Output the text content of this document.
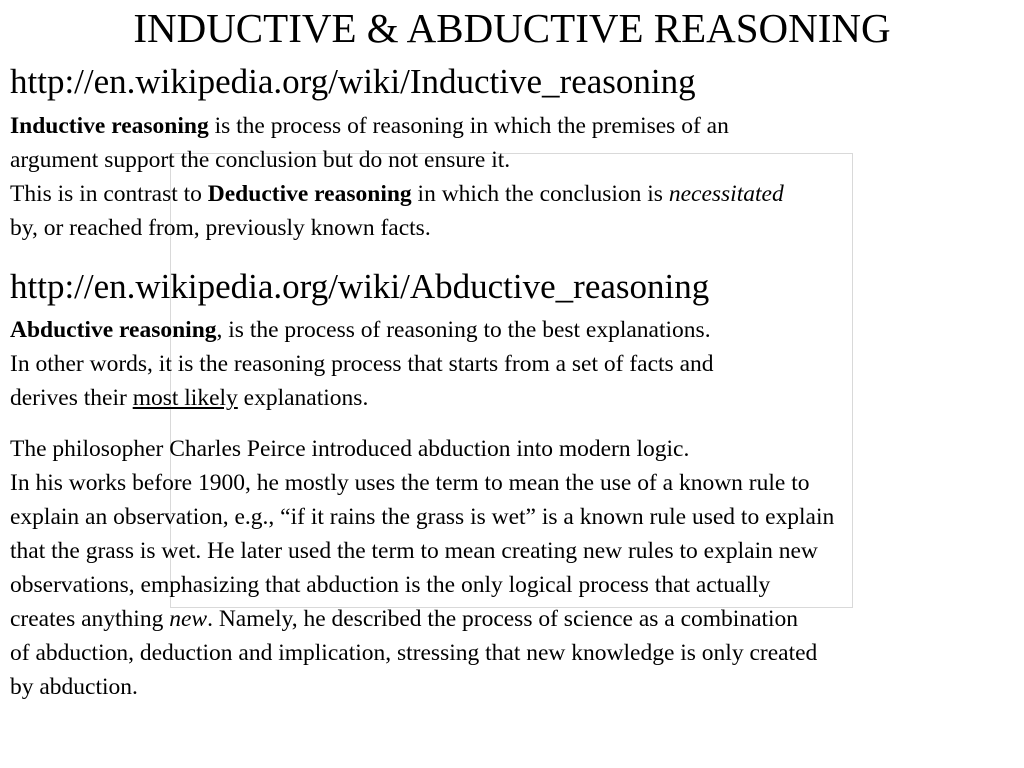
INDUCTIVE & ABDUCTIVE REASONING
http://en.wikipedia.org/wiki/Inductive_reasoning
Inductive reasoning is the process of reasoning in which the premises of an
argument support the conclusion but do not ensure it.
This is in contrast to Deductive reasoning in which the conclusion is necessitated
by, or reached from, previously known facts.
http://en.wikipedia.org/wiki/Abductive_reasoning
Abductive reasoning, is the process of reasoning to the best explanations.
In other words, it is the reasoning process that starts from a set of facts and
derives their most likely explanations.
The philosopher Charles Peirce introduced abduction into modern logic.
In his works before 1900, he mostly uses the term to mean the use of a known rule to
explain an observation, e.g., “if it rains the grass is wet” is a known rule used to explain
that the grass is wet. He later used the term to mean creating new rules to explain new
observations, emphasizing that abduction is the only logical process that actually
creates anything new. Namely, he described the process of science as a combination
of abduction, deduction and implication, stressing that new knowledge is only created
by abduction.
